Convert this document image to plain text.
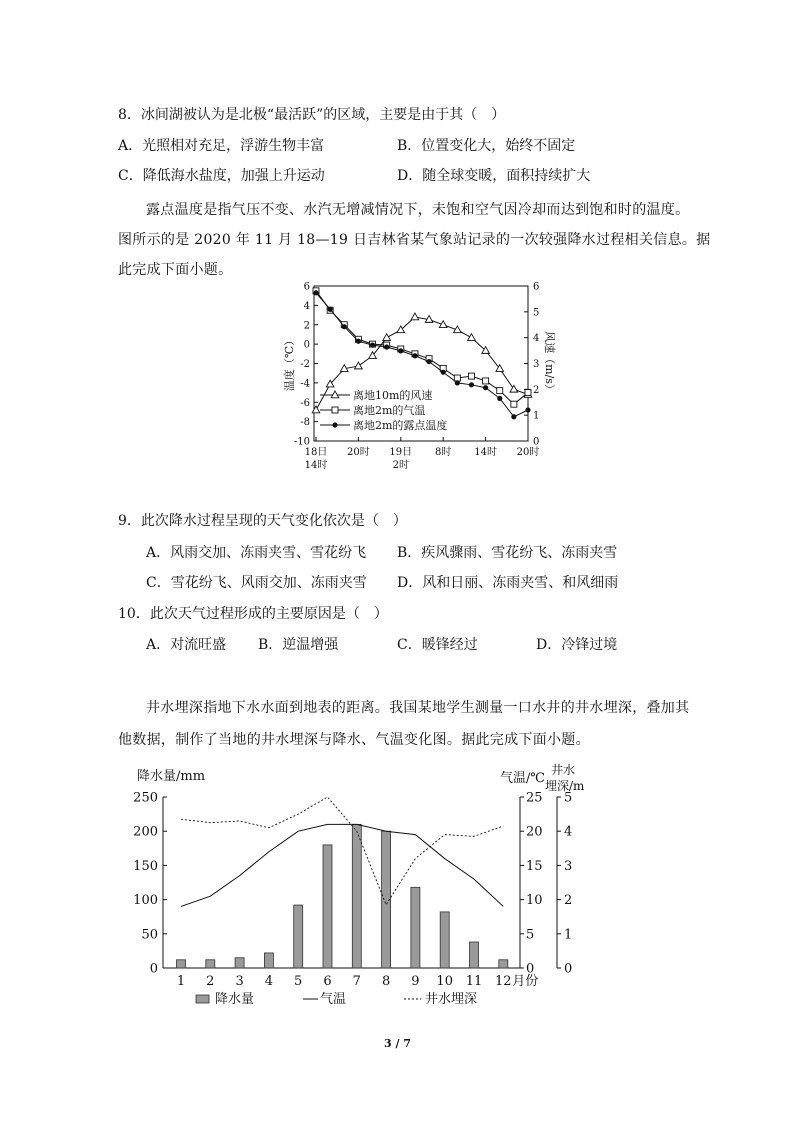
8．冰间湖被认为是北极“最活跃”的区域，主要是由于其（　）
A．光照相对充足，浮游生物丰富	B．位置变化大，始终不固定
C．降低海水盐度，加强上升运动	D．随全球变暖，面积持续扩大
露点温度是指气压不变、水汽无增减情况下，未饱和空气因冷却而达到饱和时的温度。
图所示的是 2020 年 11 月 18—19 日吉林省某气象站记录的一次较强降水过程相关信息。据
此完成下面小题。
6
4
2
0
-2
-4
-6
-8
-10
6
5
4
3
2
1
0
18日
14时
20时 19日
2时
8时 14时 20时
温度（℃）	风速（m/s）
离地10m的风速
离地2m的气温
离地2m的露点温度
9．此次降水过程呈现的天气变化依次是（　）
A．风雨交加、冻雨夹雪、雪花纷飞 B．疾风骤雨、雪花纷飞、冻雨夹雪
C．雪花纷飞、风雨交加、冻雨夹雪 D．风和日丽、冻雨夹雪、和风细雨
10．此次天气过程形成的主要原因是（　）
A．对流旺盛 B．逆温增强	C．暖锋经过	D．冷锋过境
井水埋深指地下水水面到地表的距离。我国某地学生测量一口水井的井水埋深，叠加其
他数据，制作了当地的井水埋深与降水、气温变化图。据此完成下面小题。
250
200
150
100
50
0
25
20
15
10
5
0
5
4
3
2
1
0
1 2 3 4 5 6 7 8 9 10 11 12 月份
降水量/mm	气温/℃
井水
埋深/m
降水量	气温	井水埋深
3 / 7
